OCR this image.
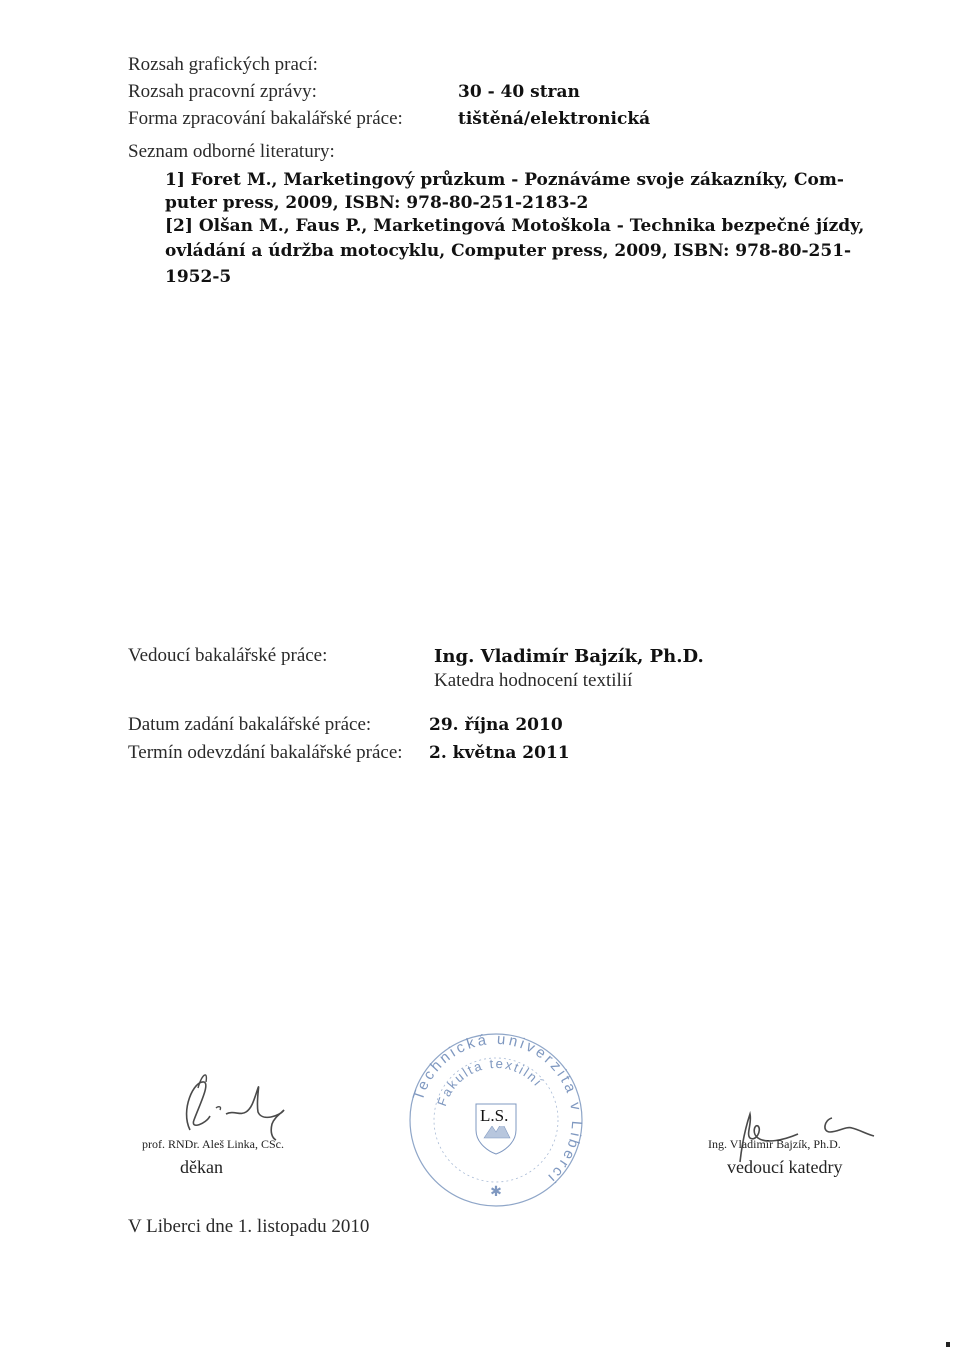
Rozsah grafických prací:
Rozsah pracovní zprávy:	30 - 40 stran
Forma zpracování bakalářské práce:	tištěná/elektronická
Seznam odborné literatury:
1] Foret M., Marketingový průzkum - Poznáváme svoje zákazníky, Com-
puter press, 2009, ISBN: 978-80-251-2183-2
[2] Olšan M., Faus P., Marketingová Motoškola - Technika bezpečné jízdy,
ovládání a údržba motocyklu, Computer press, 2009, ISBN: 978-80-251-
1952-5
Vedoucí bakalářské práce:	Ing. Vladimír Bajzík, Ph.D.
Katedra hodnocení textilií
Datum zadání bakalářské práce:	29. října 2010
Termín odevzdání bakalářské práce: 2. května 2011
prof. RNDr. Aleš Linka, CSc.
děkan
Technická univerzita v Liberci
Fakulta textilní
✱
L.S.
Ing. Vladimír Bajzík, Ph.D.
vedoucí katedry
V Liberci dne 1. listopadu 2010
